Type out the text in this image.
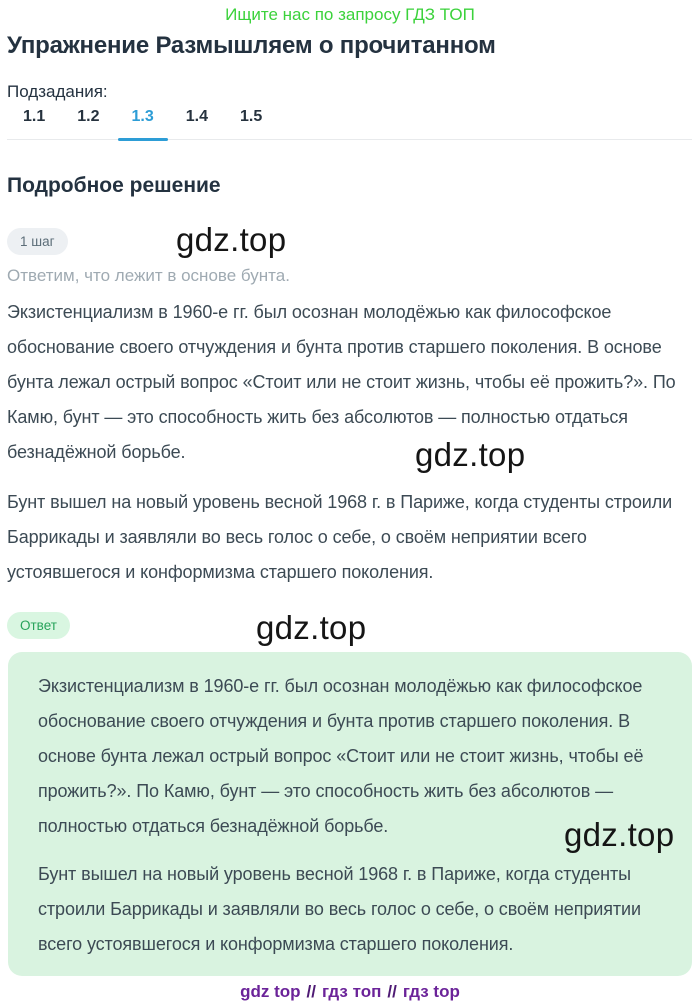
Ищите нас по запросу ГДЗ ТОП
Упражнение Размышляем о прочитанном
Подзадания:
1.1	1.2	1.3	1.4	1.5
Подробное решение
1 шаг
Ответим, что лежит в основе бунта.

Экзистенциализм в 1960-е гг. был осознан молодёжью как философское обоснование своего отчуждения и бунта против старшего поколения. В основе бунта лежал острый вопрос «Стоит или не стоит жизнь, чтобы её прожить?». По Камю, бунт — это способность жить без абсолютов — полностью отдаться безнадёжной борьбе.

Бунт вышел на новый уровень весной 1968 г. в Париже, когда студенты строили Баррикады и заявляли во весь голос о себе, о своём неприятии всего устоявшегося и конформизма старшего поколения.

Ответ

Экзистенциализм в 1960-е гг. был осознан молодёжью как философское обоснование своего отчуждения и бунта против старшего поколения. В основе бунта лежал острый вопрос «Стоит или не стоит жизнь, чтобы её прожить?». По Камю, бунт — это способность жить без абсолютов — полностью отдаться безнадёжной борьбе.

Бунт вышел на новый уровень весной 1968 г. в Париже, когда студенты строили Баррикады и заявляли во весь голос о себе, о своём неприятии всего устоявшегося и конформизма старшего поколения.

gdz top // гдз топ // гдз top
gdz.top
gdz.top
gdz.top
gdz.top
